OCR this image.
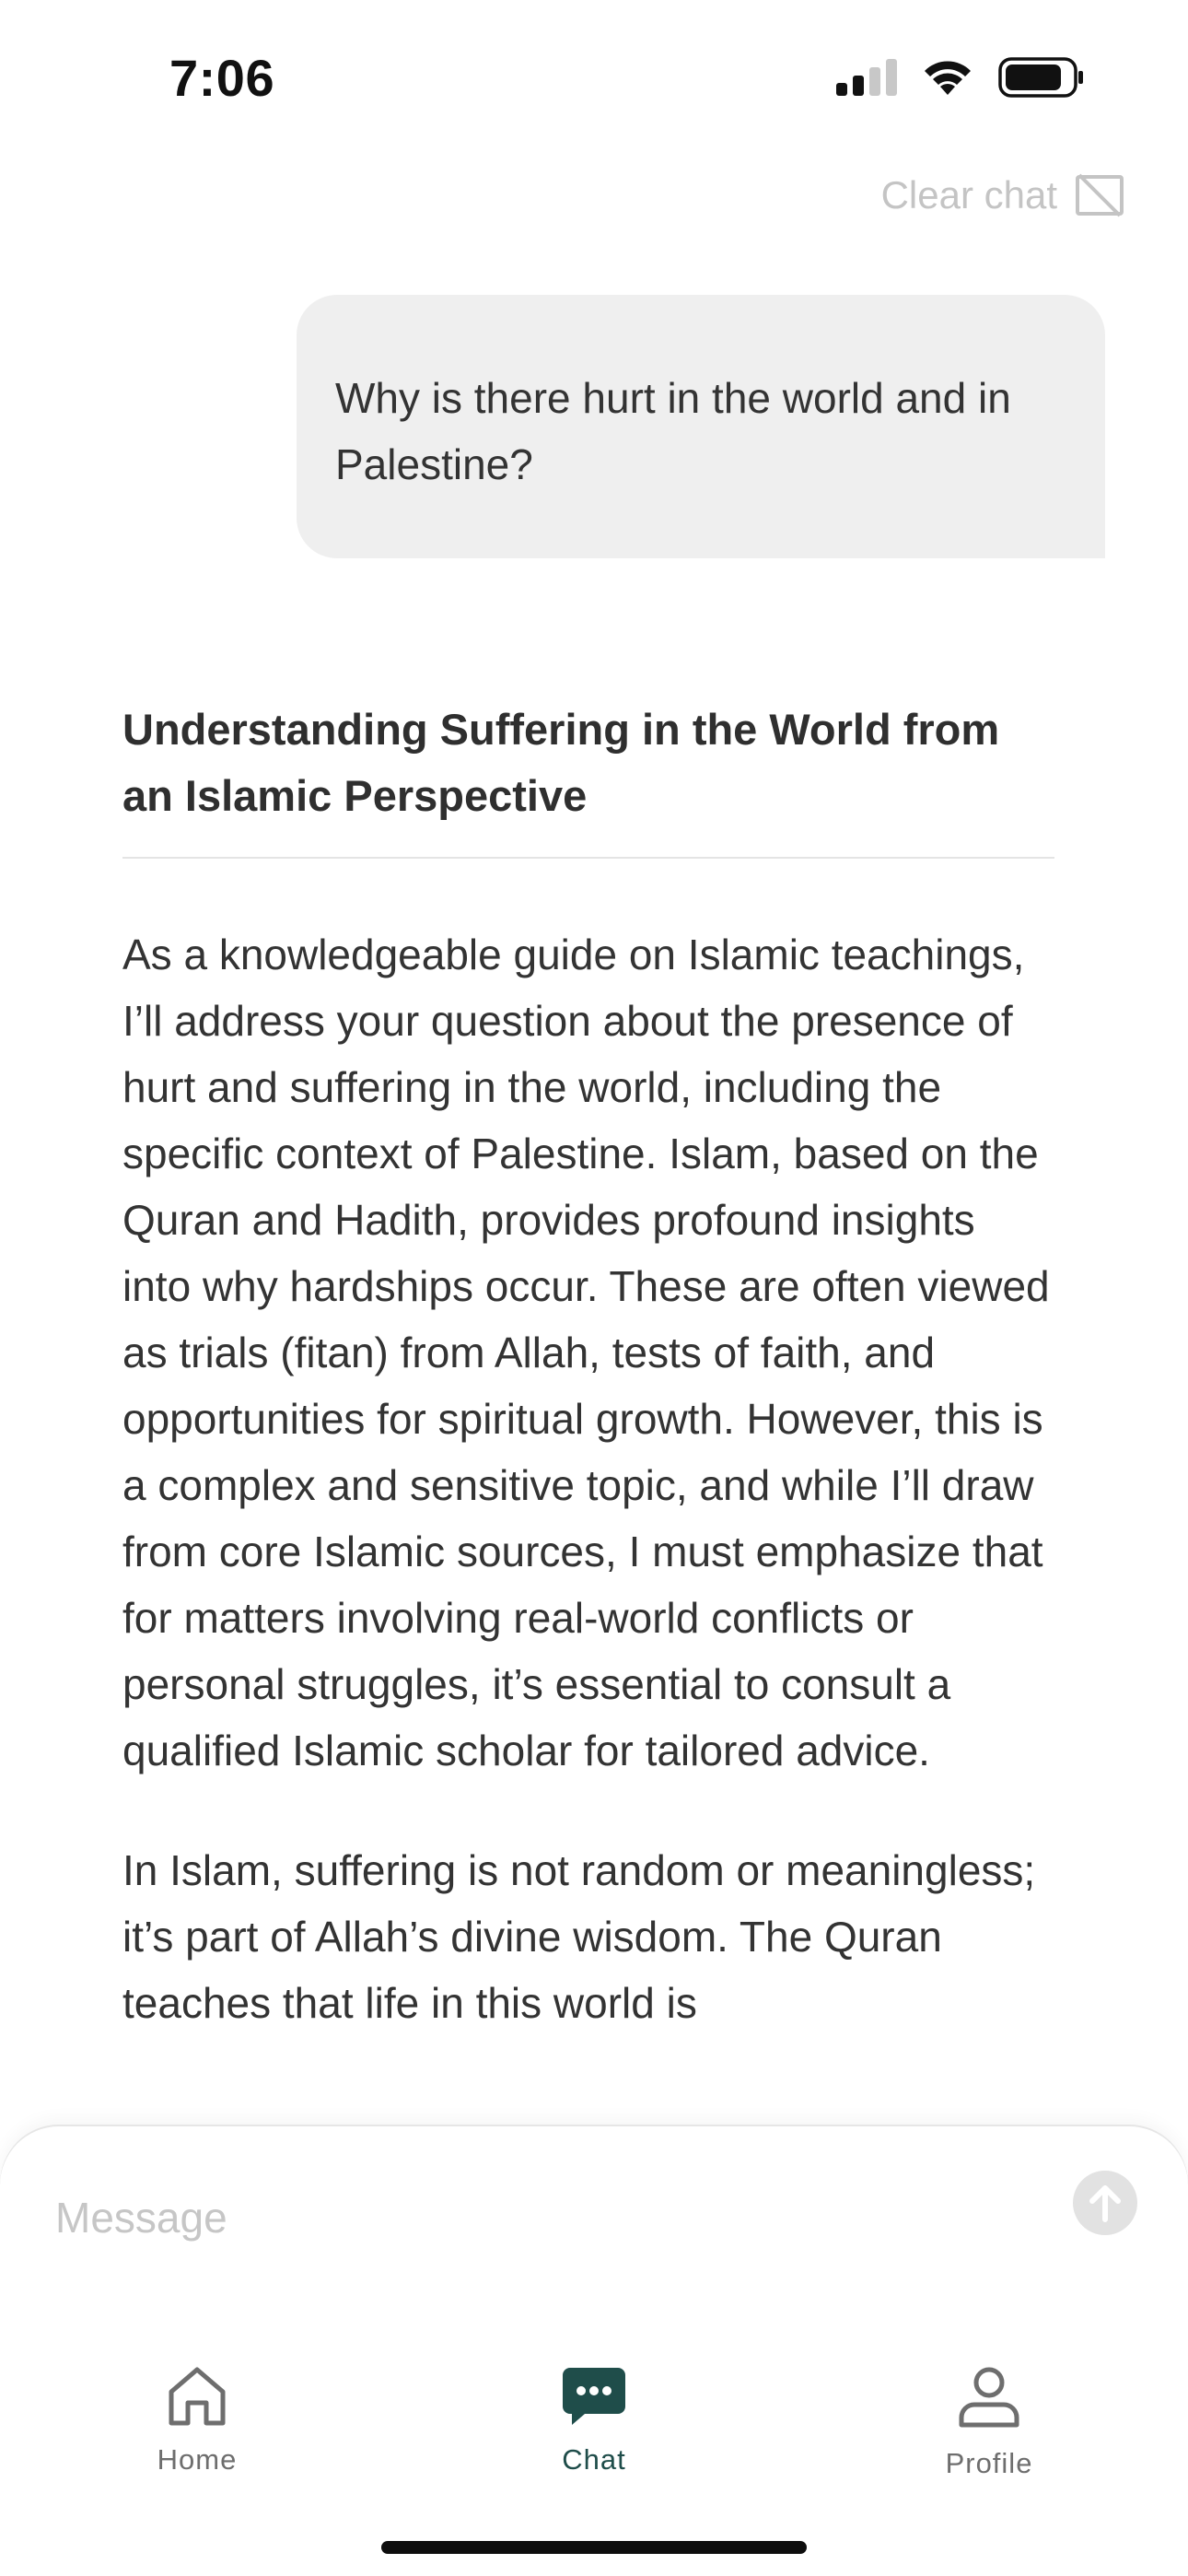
7:06
Clear chat
Why is there hurt in the world and in Palestine?
Understanding Suffering in the World from an Islamic Perspective

As a knowledgeable guide on Islamic teachings, I’ll address your question about the presence of hurt and suffering in the world, including the specific context of Palestine. Islam, based on the Quran and Hadith, provides profound insights into why hardships occur. These are often viewed as trials (fitan) from Allah, tests of faith, and opportunities for spiritual growth. However, this is a complex and sensitive topic, and while I’ll draw from core Islamic sources, I must emphasize that for matters involving real-world conflicts or personal struggles, it’s essential to consult a qualified Islamic scholar for tailored advice.

In Islam, suffering is not random or meaningless; it’s part of Allah’s divine wisdom. The Quran teaches that life in this world is

Message
Home	Chat	Profile
